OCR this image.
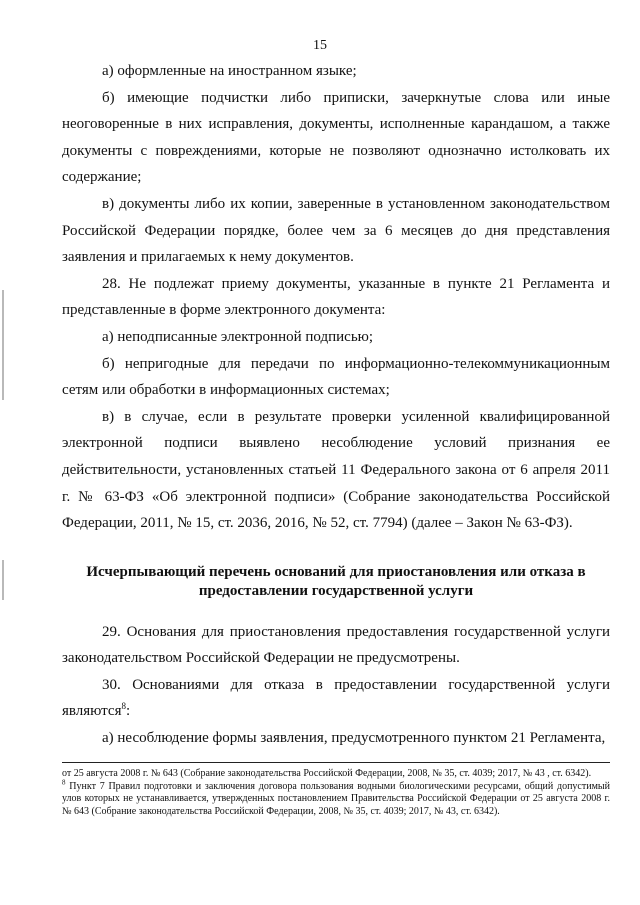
15

а) оформленные на иностранном языке;

б) имеющие подчистки либо приписки, зачеркнутые слова или иные неоговоренные в них исправления, документы, исполненные карандашом, а также документы с повреждениями, которые не позволяют однозначно истолковать их содержание;

в) документы либо их копии, заверенные в установленном законодательством Российской Федерации порядке, более чем за 6 месяцев до дня представления заявления и прилагаемых к нему документов.

28. Не подлежат приему документы, указанные в пункте 21 Регламента и представленные в форме электронного документа:

а) неподписанные электронной подписью;

б) непригодные для передачи по информационно-телекоммуникационным сетям или обработки в информационных системах;

в) в случае, если в результате проверки усиленной квалифицированной электронной подписи выявлено несоблюдение условий признания ее действительности, установленных статьей 11 Федерального закона от 6 апреля 2011 г. № 63-ФЗ «Об электронной подписи» (Собрание законодательства Российской Федерации, 2011, № 15, ст. 2036, 2016, № 52, ст. 7794) (далее – Закон № 63-ФЗ).

Исчерпывающий перечень оснований для приостановления или отказа в предоставлении государственной услуги

29. Основания для приостановления предоставления государственной услуги законодательством Российской Федерации не предусмотрены.

30. Основаниями для отказа в предоставлении государственной услуги являются$^8$:

а) несоблюдение формы заявления, предусмотренного пунктом 21 Регламента,

от 25 августа 2008 г. № 643 (Собрание законодательства Российской Федерации, 2008, № 35, ст. 4039; 2017, № 43 , ст. 6342).

$^8$ Пункт 7 Правил подготовки и заключения договора пользования водными биологическими ресурсами, общий допустимый улов которых не устанавливается, утвержденных постановлением Правительства Российской Федерации от 25 августа 2008 г. № 643 (Собрание законодательства Российской Федерации, 2008, № 35, ст. 4039; 2017, № 43, ст. 6342).
